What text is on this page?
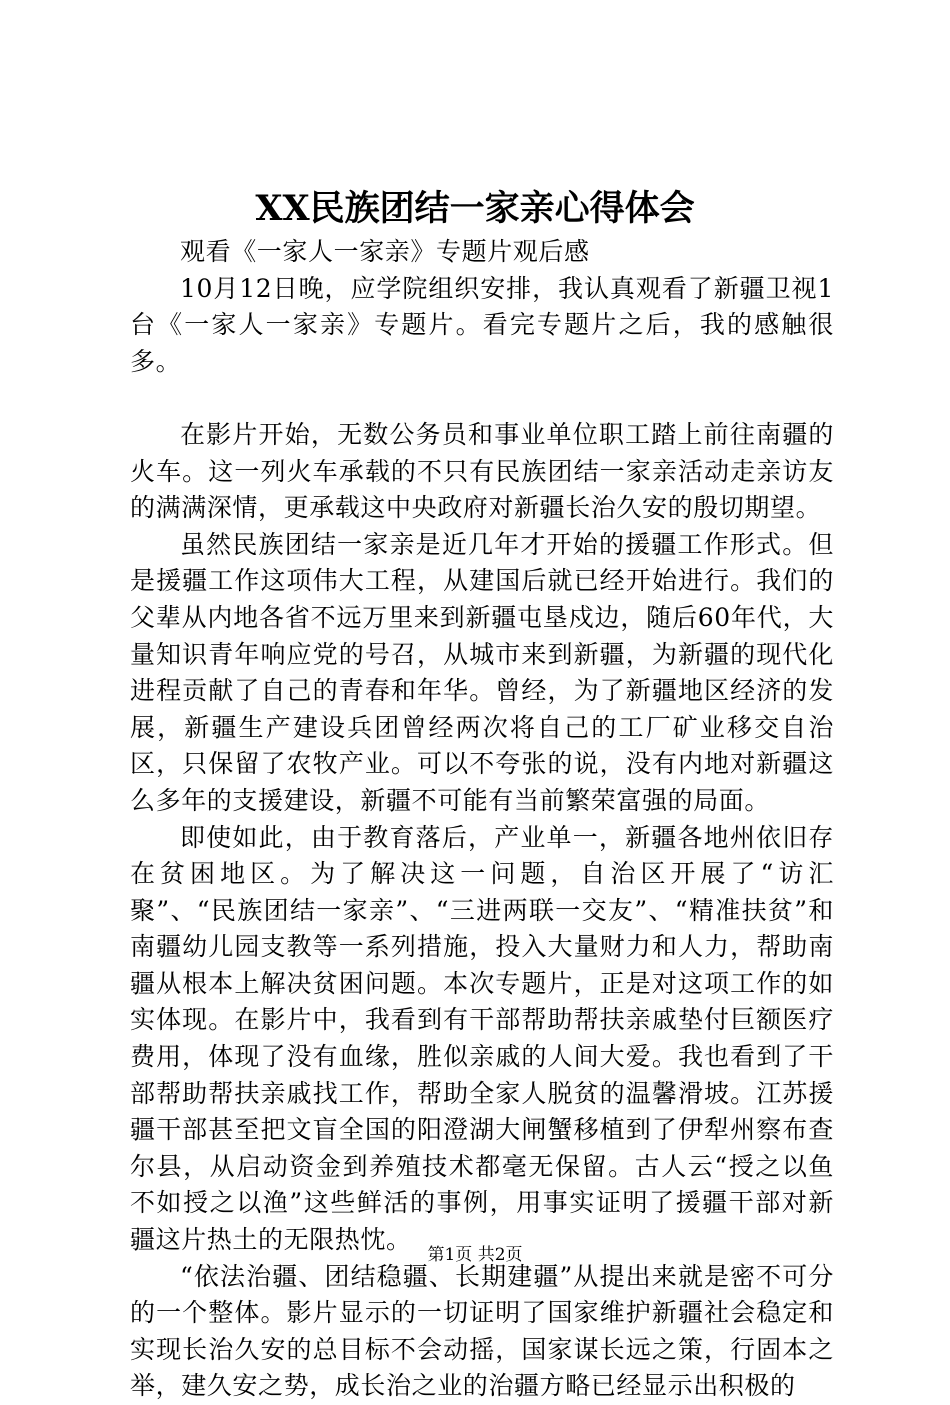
XX民族团结一家亲心得体会

观看《一家人一家亲》专题片观后感

10月12日晚，应学院组织安排，我认真观看了新疆卫视1台《一家人一家亲》专题片。看完专题片之后，我的感触很多。

在影片开始，无数公务员和事业单位职工踏上前往南疆的火车。这一列火车承载的不只有民族团结一家亲活动走亲访友的满满深情，更承载这中央政府对新疆长治久安的殷切期望。

虽然民族团结一家亲是近几年才开始的援疆工作形式。但是援疆工作这项伟大工程，从建国后就已经开始进行。我们的父辈从内地各省不远万里来到新疆屯垦戍边，随后60年代，大量知识青年响应党的号召，从城市来到新疆，为新疆的现代化进程贡献了自己的青春和年华。曾经，为了新疆地区经济的发展，新疆生产建设兵团曾经两次将自己的工厂矿业移交自治区，只保留了农牧产业。可以不夸张的说，没有内地对新疆这么多年的支援建设，新疆不可能有当前繁荣富强的局面。

即使如此，由于教育落后，产业单一，新疆各地州依旧存在贫困地区。为了解决这一问题，自治区开展了“访汇聚”、“民族团结一家亲”、“三进两联一交友”、“精准扶贫”和南疆幼儿园支教等一系列措施，投入大量财力和人力，帮助南疆从根本上解决贫困问题。本次专题片，正是对这项工作的如实体现。在影片中，我看到有干部帮助帮扶亲戚垫付巨额医疗费用，体现了没有血缘，胜似亲戚的人间大爱。我也看到了干部帮助帮扶亲戚找工作，帮助全家人脱贫的温馨滑坡。江苏援疆干部甚至把文盲全国的阳澄湖大闸蟹移植到了伊犁州察布查尔县，从启动资金到养殖技术都毫无保留。古人云“授之以鱼不如授之以渔”这些鲜活的事例，用事实证明了援疆干部对新疆这片热土的无限热忱。

“依法治疆、团结稳疆、长期建疆”从提出来就是密不可分的一个整体。影片显示的一切证明了国家维护新疆社会稳定和实现长治久安的总目标不会动摇，国家谋长远之策，行固本之举，建久安之势，成长治之业的治疆方略已经显示出积极的

第1页 共2页
